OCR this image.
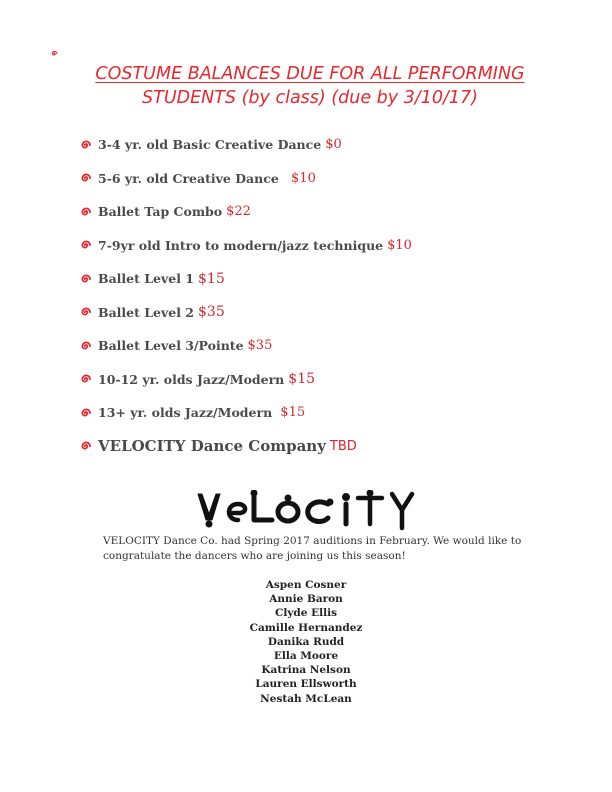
COSTUME BALANCES DUE FOR ALL PERFORMING
STUDENTS (by class) (due by 3/10/17)
3-4 yr. old Basic Creative Dance $0
5-6 yr. old Creative Dance $10
Ballet Tap Combo $22
7-9yr old Intro to modern/jazz technique $10
Ballet Level 1 $15
Ballet Level 2 $35
Ballet Level 3/Pointe $35
10-12 yr. olds Jazz/Modern $15
13+ yr. olds Jazz/Modern $15
VELOCITY Dance Company TBD
VELOCITY
VELOCITY Dance Co. had Spring 2017 auditions in February. We would like to congratulate the dancers who are joining us this season!
Aspen Cosner
Annie Baron
Clyde Ellis
Camille Hernandez
Danika Rudd
Ella Moore
Katrina Nelson
Lauren Ellsworth
Nestah McLean
